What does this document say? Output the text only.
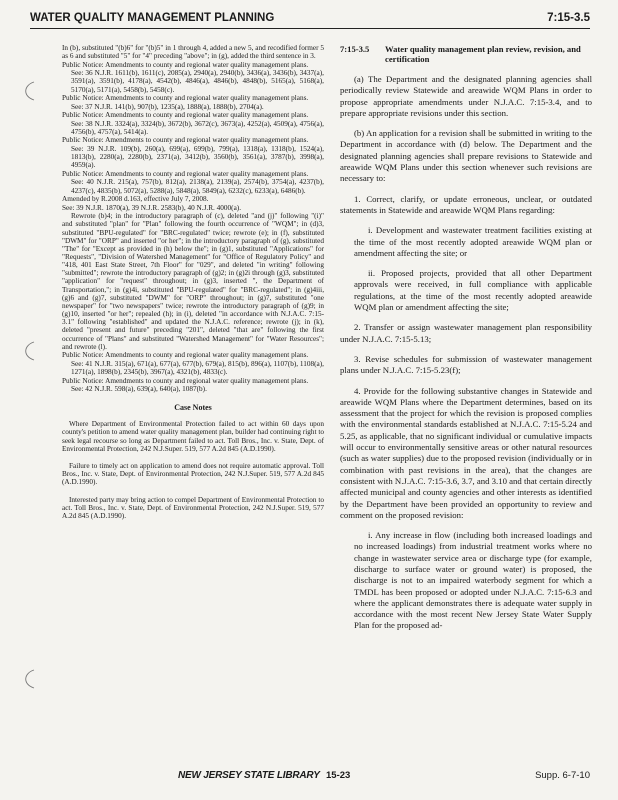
WATER QUALITY MANAGEMENT PLANNING	7:15-3.5

In (b), substituted "(b)6" for "(b)5" in 1 through 4, added a new 5, and recodified former 5 as 6 and substituted "5" for "4" preceding "above"; in (g), added the third sentence in 3.

Public Notice: Amendments to county and regional water quality management plans.

See: 36 N.J.R. 1611(b), 1611(c), 2085(a), 2940(a), 2940(b), 3436(a), 3436(b), 3437(a), 3591(a), 3591(b), 4178(a), 4542(b), 4846(a), 4846(b), 4848(b), 5165(a), 5168(a), 5170(a), 5171(a), 5458(b), 5458(c).

Public Notice: Amendments to county and regional water quality management plans.

See: 37 N.J.R. 141(b), 907(b), 1235(a), 1888(a), 1888(b), 2704(a).

Public Notice: Amendments to county and regional water quality management plans.

See: 38 N.J.R. 3324(a), 3324(b), 3672(b), 3672(c), 3673(a), 4252(a), 4509(a), 4756(a), 4756(b), 4757(a), 5414(a).

Public Notice: Amendments to county and regional water quality management plans.

See: 39 N.J.R. 109(b), 260(a), 699(a), 699(b), 799(a), 1318(a), 1318(b), 1524(a), 1813(b), 2280(a), 2280(b), 2371(a), 3412(b), 3560(b), 3561(a), 3787(b), 3998(a), 4959(a).

Public Notice: Amendments to county and regional water quality management plans.

See: 40 N.J.R. 215(a), 757(b), 812(a), 2138(a), 2139(a), 2574(b), 3754(a), 4237(b), 4237(c), 4835(b), 5072(a), 5288(a), 5848(a), 5849(a), 6232(c), 6233(a), 6486(b).

Amended by R.2008 d.163, effective July 7, 2008.

See: 39 N.J.R. 1870(a), 39 N.J.R. 2583(b), 40 N.J.R. 4000(a).

Rewrote (b)4; in the introductory paragraph of (c), deleted "and (j)" following "(i)" and substituted "plan" for "Plan" following the fourth occurrence of "WQM"; in (d)3, substituted "BPU-regulated" for "BRC-regulated" twice; rewrote (e); in (f), substituted "DWM" for "ORP" and inserted "or her"; in the introductory paragraph of (g), substituted "The" for "Except as provided in (h) below the"; in (g)1, substituted "Applications" for "Requests", "Division of Watershed Management" for "Office of Regulatory Policy" and "418, 401 East State Street, 7th Floor" for "029", and deleted "in writing" following "submitted"; rewrote the introductory paragraph of (g)2; in (g)2i through (g)3, substituted "application" for "request" throughout; in (g)3, inserted ", the Department of Transportation,"; in (g)4i, substituted "BPU-regulated" for "BRC-regulated"; in (g)4iii, (g)6 and (g)7, substituted "DWM" for "ORP" throughout; in (g)7, substituted "one newspaper" for "two newspapers" twice; rewrote the introductory paragraph of (g)9; in (g)10, inserted "or her"; repealed (h); in (i), deleted "in accordance with N.J.A.C. 7:15-3.1" following "established" and updated the N.J.A.C. reference; rewrote (j); in (k), deleted "present and future" preceding "201", deleted "that are" following the first occurrence of "Plans" and substituted "Watershed Management" for "Water Resources"; and rewrote (l).

Public Notice: Amendments to county and regional water quality management plans.

See: 41 N.J.R. 315(a), 671(a), 677(a), 677(b), 679(a), 815(b), 896(a), 1107(b), 1108(a), 1271(a), 1898(b), 2345(b), 3967(a), 4321(b), 4833(c).

Public Notice: Amendments to county and regional water quality management plans.

See: 42 N.J.R. 598(a), 639(a), 640(a), 1087(b).

Case Notes

Where Department of Environmental Protection failed to act within 60 days upon county's petition to amend water quality management plan, builder had continuing right to seek legal recourse so long as Department failed to act. Toll Bros., Inc. v. State, Dept. of Environmental Protection, 242 N.J.Super. 519, 577 A.2d 845 (A.D.1990).

Failure to timely act on application to amend does not require automatic approval. Toll Bros., Inc. v. State, Dept. of Environmental Protection, 242 N.J.Super. 519, 577 A.2d 845 (A.D.1990).

Interested party may bring action to compel Department of Environmental Protection to act. Toll Bros., Inc. v. State, Dept. of Environmental Protection, 242 N.J.Super. 519, 577 A.2d 845 (A.D.1990).

7:15-3.5	Water quality management plan review, revision, and certification

(a) The Department and the designated planning agencies shall periodically review Statewide and areawide WQM Plans in order to propose appropriate amendments under N.J.A.C. 7:15-3.4, and to prepare appropriate revisions under this section.

(b) An application for a revision shall be submitted in writing to the Department in accordance with (d) below. The Department and the designated planning agencies shall prepare revisions to Statewide and areawide WQM Plans under this section whenever such revisions are necessary to:

1. Correct, clarify, or update erroneous, unclear, or outdated statements in Statewide and areawide WQM Plans regarding:

i. Development and wastewater treatment facilities existing at the time of the most recently adopted areawide WQM plan or amendment affecting the site; or

ii. Proposed projects, provided that all other Department approvals were received, in full compliance with applicable regulations, at the time of the most recently adopted areawide WQM plan or amendment affecting the site;

2. Transfer or assign wastewater management plan responsibility under N.J.A.C. 7:15-5.13;

3. Revise schedules for submission of wastewater management plans under N.J.A.C. 7:15-5.23(f);

4. Provide for the following substantive changes in Statewide and areawide WQM Plans where the Department determines, based on its assessment that the project for which the revision is proposed complies with the environmental standards established at N.J.A.C. 7:15-5.24 and 5.25, as applicable, that no significant individual or cumulative impacts will occur to environmentally sensitive areas or other natural resources (such as water supplies) due to the proposed revision (individually or in combination with past revisions in the area), that the changes are consistent with N.J.A.C. 7:15-3.6, 3.7, and 3.10 and that certain directly affected municipal and county agencies and other interests as identified by the Department have been provided an opportunity to review and comment on the proposed revision:

i. Any increase in flow (including both increased loadings and no increased loadings) from industrial treatment works where no change in wastewater service area or discharge type (for example, discharge to surface water or ground water) is proposed, the discharge is not to an impaired waterbody segment for which a TMDL has been proposed or adopted under N.J.A.C. 7:15-6.3 and where the applicant demonstrates there is adequate water supply in accordance with the most recent New Jersey State Water Supply Plan for the proposed ad-

NEW JERSEY STATE LIBRARY 15-23	Supp. 6-7-10
